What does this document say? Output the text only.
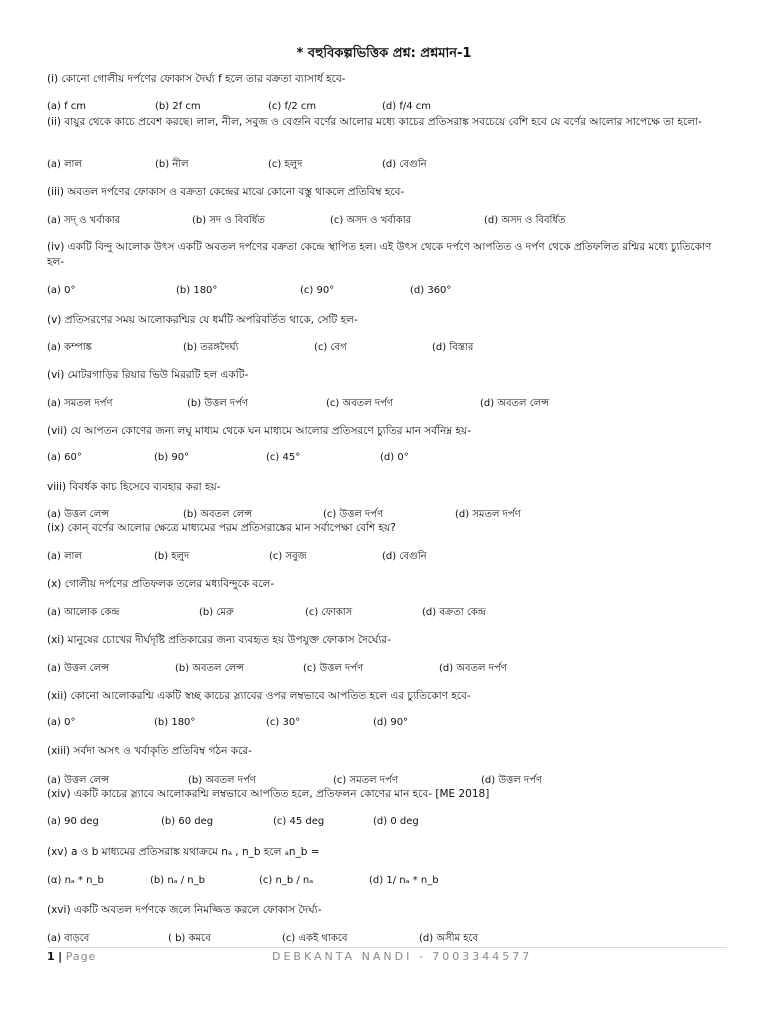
* বহুবিকল্পভিত্তিক প্রশ্ন: প্রশ্নমান-1
(i) কোনো গোলীয় দর্পণের ফোকাস দৈর্ঘ্য f হলে তার বক্রতা ব্যাসার্ধ হবে-
(a) f cm	(b) 2f cm	(c) f/2 cm	(d) f/4 cm
(ii) বায়ুর থেকে কাচে প্রবেশ করছে। লাল, নীল, সবুজ ও বেগুনি বর্ণের আলোর মধ্যে কাচের প্রতিসরাঙ্ক সবচেয়ে বেশি হবে যে বর্ণের আলোর সাপেক্ষে তা হলো-
(a) লাল	(b) নীল	(c) হলুদ	(d) বেগুনি
(iii) অবতল দর্পণের ফোকাস ও বক্রতা কেন্দ্রের মাঝে কোনো বস্তু থাকলে প্রতিবিম্ব হবে-
(a) সদ্ ও খর্বাকার	(b) সদ ও বিবর্ধিত	(c) অসদ ও খর্বাকার	(d) অসদ ও বিবর্ধিত
(iv) একটি বিন্দু আলোক উৎস একটি অবতল দর্পণের বক্রতা কেন্দ্রে স্থাপিত হল। এই উৎস থেকে দর্পণে আপতিত ও দর্পণ থেকে প্রতিফলিত রশ্মির মধ্যে চ্যুতিকোণ হল-
(a) 0°	(b) 180°	(c) 90°	(d) 360°
(v) প্রতিসরণের সময় আলোকরশ্মির যে ধর্মটি অপরিবর্তিত থাকে, সেটি হল-
(a) কম্পাঙ্ক	(b) তরঙ্গদৈর্ঘ্য	(c) বেগ	(d) বিস্তার
(vi) মোটরগাড়ির রিয়ার ভিউ মিররটি হল একটি-
(a) সমতল দর্পণ	(b) উত্তল দর্পণ	(c) অবতল দর্পণ	(d) অবতল লেন্স
(vii) যে আপতন কোণের জন্য লঘু মাধ্যম থেকে ঘন মাধ্যমে আলোর প্রতিসরণে চ্যুতির মান সর্বনিম্ন হয়-
(a) 60°	(b) 90°	(c) 45°	(d) 0°
viii) বিবর্ধক কাচ হিসেবে ব্যবহার করা হয়-
(a) উত্তল লেন্স	(b) অবতল লেন্স	(c) উত্তল দর্পণ	(d) সমতল দর্পণ
(ix) কোন্ বর্ণের আলোর ক্ষেত্রে মাধ্যমের পরম প্রতিসরাঙ্কের মান সর্বাপেক্ষা বেশি হয়?
(a) লাল	(b) হলুদ	(c) সবুজ	(d) বেগুনি
(x) গোলীয় দর্পণের প্রতিফলক তলের মধ্যবিন্দুকে বলে-
(a) আলোক কেন্দ্র	(b) মেরু	(c) ফোকাস	(d) বক্রতা কেন্দ্র
(xi) মানুষের চোখের দীর্ঘদৃষ্টি প্রতিকারের জন্য ব্যবহৃত হয় উপযুক্ত ফোকাস দৈর্ঘ্যের-
(a) উত্তল লেন্স	(b) অবতল লেন্স	(c) উত্তল দর্পণ	(d) অবতল দর্পণ
(xii) কোনো আলোকরশ্মি একটি স্বচ্ছ কাচের স্ল্যাবের ওপর লম্বভাবে আপতিত হলে এর চ্যুতিকোণ হবে-
(a) 0°	(b) 180°	(c) 30°	(d) 90°
(xiii) সর্বদা অসৎ ও খর্বাকৃতি প্রতিবিম্ব গঠন করে-
(a) উত্তল লেন্স	(b) অবতল দর্পণ	(c) সমতল দর্পণ	(d) উত্তল দর্পণ
(xiv) একটি কাচের স্ল্যাবে আলোকরশ্মি লম্বভাবে আপতিত হলে, প্রতিফলন কোণের মান হবে- [ME 2018]
(a) 90 deg	(b) 60 deg	(c) 45 deg	(d) 0 deg
(xv) a ও b মাধ্যমের প্রতিসরাঙ্ক যথাক্রমে nₐ , n_b হলে ₐn_b =
(α) nₐ * n_b	(b) nₐ / n_b	(c) n_b / nₐ	(d) 1/ nₐ * n_b
(xvi) একটি অবতল দর্পণকে জলে নিমজ্জিত করলে ফোকাস দৈর্ঘ্য-
(a) বাড়বে	( b) কমবে	(c) একই থাকবে	(d) অসীম হবে
1 | Page	DEBKANTA NANDI - 7003344577
